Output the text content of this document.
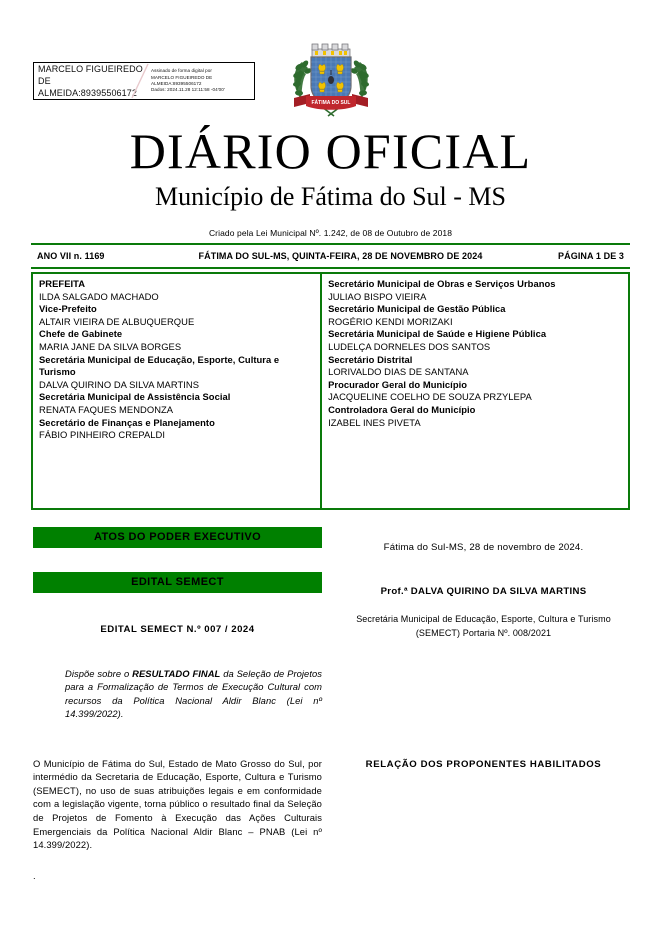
MARCELO FIGUEIREDO DE ALMEIDA:89395506172
Assinado de forma digital por
MARCELO FIGUEIREDO DE
ALMEIDA:89395506172
Dados: 2024.11.28 12:11:58 -04'00'
FÁTIMA DO SUL
DIÁRIO OFICIAL
Município de Fátima do Sul - MS
Criado pela Lei Municipal Nº. 1.242, de 08 de Outubro de 2018
ANO VII n. 1169	FÁTIMA DO SUL-MS, QUINTA-FEIRA, 28 DE NOVEMBRO DE 2024	PÁGINA 1 DE 3
PREFEITA
ILDA SALGADO MACHADO
Vice-Prefeito
ALTAIR VIEIRA DE ALBUQUERQUE
Chefe de Gabinete
MARIA JANE DA SILVA BORGES
Secretária Municipal de Educação, Esporte, Cultura e Turismo
DALVA QUIRINO DA SILVA MARTINS
Secretária Municipal de Assistência Social
RENATA FAQUES MENDONZA
Secretário de Finanças e Planejamento
FÁBIO PINHEIRO CREPALDI
Secretário Municipal de Obras e Serviços Urbanos
JULIAO BISPO VIEIRA
Secretário Municipal de Gestão Pública
ROGÉRIO KENDI MORIZAKI
Secretária Municipal de Saúde e Higiene Pública
LUDELÇA DORNELES DOS SANTOS
Secretário Distrital
LORIVALDO DIAS DE SANTANA
Procurador Geral do Município
JACQUELINE COELHO DE SOUZA PRZYLEPA
Controladora Geral do Município
IZABEL INES PIVETA
ATOS DO PODER EXECUTIVO
EDITAL SEMECT
EDITAL SEMECT N.º 007 / 2024
Dispõe sobre o RESULTADO FINAL da Seleção de Projetos para a Formalização de Termos de Execução Cultural com recursos da Política Nacional Aldir Blanc (Lei nº 14.399/2022).
O Município de Fátima do Sul, Estado de Mato Grosso do Sul, por intermédio da Secretaria de Educação, Esporte, Cultura e Turismo (SEMECT), no uso de suas atribuições legais e em conformidade com a legislação vigente, torna público o resultado final da Seleção de Projetos de Fomento à Execução das Ações Culturais Emergenciais da Política Nacional Aldir Blanc – PNAB (Lei nº 14.399/2022).
.
Fátima do Sul-MS, 28 de novembro de 2024.
Prof.ª DALVA QUIRINO DA SILVA MARTINS
Secretária Municipal de Educação, Esporte, Cultura e Turismo (SEMECT) Portaria Nº. 008/2021
RELAÇÃO DOS PROPONENTES HABILITADOS
